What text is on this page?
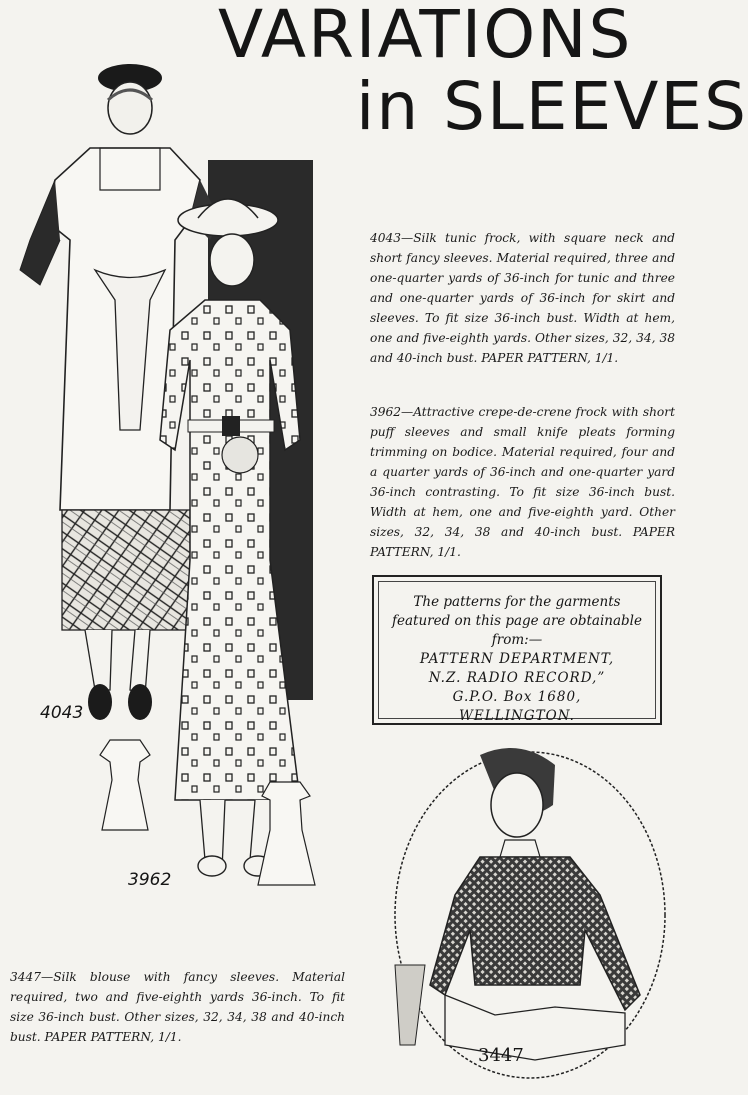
VARIATIONS
in SLEEVES
4043
3962

4043—Silk tunic frock, with square neck and short fancy sleeves. Material required, three and one-quarter yards of 36-inch for tunic and three and one-quarter yards of 36-inch for skirt and sleeves. To fit size 36-inch bust. Width at hem, one and five-eighth yards. Other sizes, 32, 34, 38 and 40-inch bust. PAPER PATTERN, 1/1.

3962—Attractive crepe-de-crene frock with short puff sleeves and small knife pleats forming trimming on bodice. Material required, four and a quarter yards of 36-inch and one-quarter yard 36-inch contrasting. To fit size 36-inch bust. Width at hem, one and five-eighth yard. Other sizes, 32, 34, 38 and 40-inch bust. PAPER PATTERN, 1/1.

The patterns for the garments

featured on this page are obtainable

from:—

PATTERN DEPARTMENT,

N.Z. RADIO RECORD,”

G.P.O. Box 1680,

WELLINGTON.

3447

3447—Silk blouse with fancy sleeves. Material required, two and five-eighth yards 36-inch. To fit size 36-inch bust. Other sizes, 32, 34, 38 and 40-inch bust. PAPER PATTERN, 1/1.
